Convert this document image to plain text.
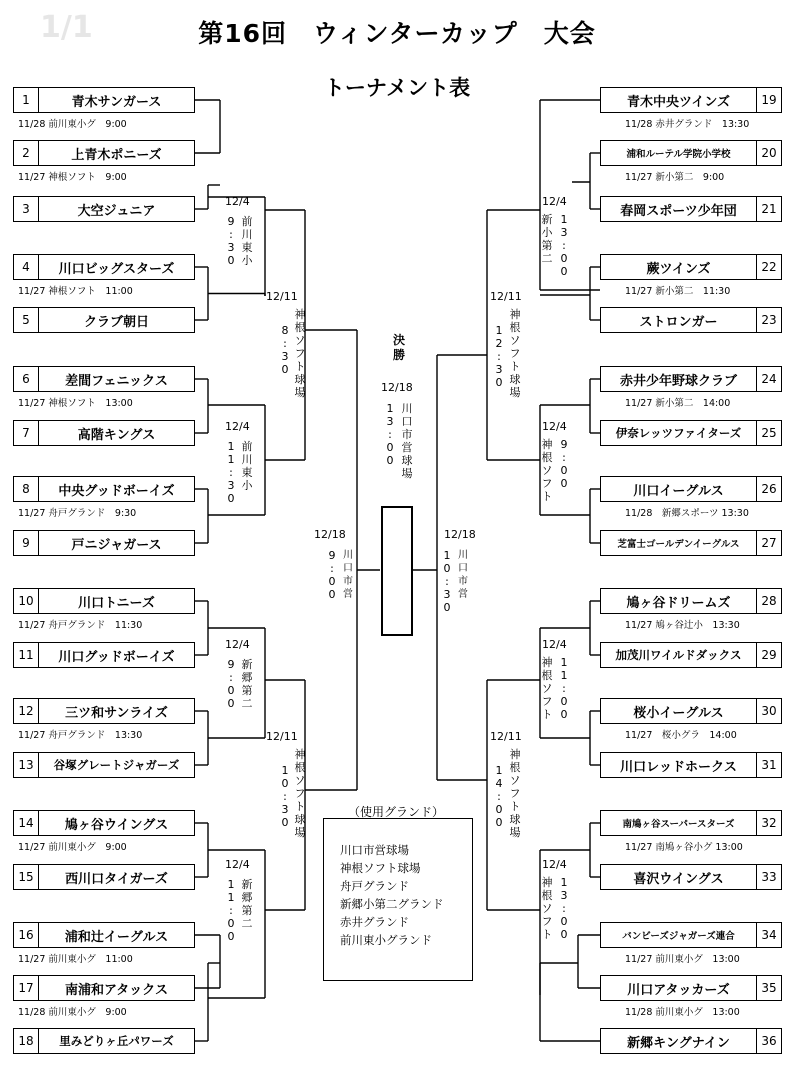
1/1	第16回　ウィンターカップ　大会
トーナメント表
1	青木サンガース
2	上青木ポニーズ
3	大空ジュニア
4	川口ビッグスターズ
5	クラブ朝日
6	差間フェニックス
7	高階キングス
8	中央グッドボーイズ
9	戸ニジャガース
10	川口トニーズ
11	川口グッドボーイズ
12	三ツ和サンライズ
13	谷塚グレートジャガーズ
14	鳩ヶ谷ウイングス
15	西川口タイガーズ
16	浦和辻イーグルス
17	南浦和アタックス
18	里みどりヶ丘パワーズ
青木中央ツインズ	19
浦和ルーテル学院小学校	20
春岡スポーツ少年団	21
蕨ツインズ	22
ストロンガー	23
赤井少年野球クラブ	24
伊奈レッツファイターズ	25
川口イーグルス	26
芝富士ゴールデンイーグルス	27
鳩ヶ谷ドリームズ	28
加茂川ワイルドダックス	29
桜小イーグルス	30
川口レッドホークス	31
南鳩ヶ谷スーパースターズ	32
喜沢ウイングス	33
バンビーズジャガーズ連合	34
川口アタッカーズ	35
新郷キングナイン	36
11/28 前川東小グ　9:00
11/27 神根ソフト　9:00
11/27 神根ソフト　11:00
11/27 神根ソフト　13:00
11/27 舟戸グランド　9:30
11/27 舟戸グランド　11:30
11/27 舟戸グランド　13:30
11/27 前川東小グ　9:00
11/27 前川東小グ　11:00
11/28 前川東小グ　9:00
11/28 赤井グランド　13:30
11/27 新小第二　9:00
11/27 新小第二　11:30
11/27 新小第二　14:00
11/28　新郷スポーツ 13:30
11/27 鳩ヶ谷辻小　13:30
11/27　桜小グラ　14:00
11/27 南鳩ヶ谷小グ 13:00
11/27 前川東小グ　13:00
11/28 前川東小グ　13:00
12/4
9
:
3
0
前
川
東
小
12/4
1
1
:
3
0
前
川
東
小
12/4
9
:
0
0
新
郷
第
二
12/4
1
1
:
0
0
新
郷
第
二
12/4
新
小
第
二
1
3
:
0
0
12/4
神
根
ソ
フ
ト
9
:
0
0
12/4
神
根
ソ
フ
ト
1
1
:
0
0
12/4
神
根
ソ
フ
ト
1
3
:
0
0
12/11
8
:
3
0
神
根
ソ
フ
ト
球
場
12/11
1
0
:
3
0
神
根
ソ
フ
ト
球
場
12/11
1
2
:
3
0
神
根
ソ
フ
ト
球
場
12/11
1
4
:
0
0
神
根
ソ
フ
ト
球
場
決
勝
12/18
1
3
:
0
0
川
口
市
営
球
場
12/18
9
:
0
0
川
口
市
営
12/18
1
0
:
3
0
川
口
市
営
（使用グランド）
川口市営球場
神根ソフト球場
舟戸グランド
新郷小第二グランド
赤井グランド
前川東小グランド
